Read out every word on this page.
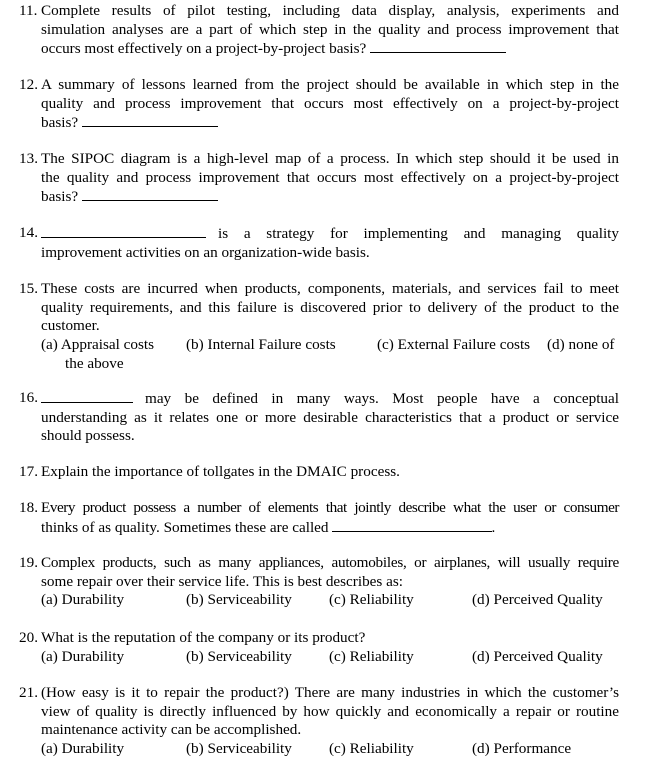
11. Complete results of pilot testing, including data display, analysis, experiments and
simulation analyses are a part of which step in the quality and process improvement that
occurs most effectively on a project-by-project basis?
12. A summary of lessons learned from the project should be available in which step in the
quality and process improvement that occurs most effectively on a project-by-project
basis?
13. The SIPOC diagram is a high-level map of a process. In which step should it be used in
the quality and process improvement that occurs most effectively on a project-by-project
basis?
14.	is a strategy for implementing and managing quality
improvement activities on an organization-wide basis.
15. These costs are incurred when products, components, materials, and services fail to meet
quality requirements, and this failure is discovered prior to delivery of the product to the
customer.
(a) Appraisal costs (b) Internal Failure costs	(c) External Failure costs (d) none of
the above
16.	may be defined in many ways. Most people have a conceptual
understanding as it relates one or more desirable characteristics that a product or service
should possess.
17. Explain the importance of tollgates in the DMAIC process.
18. Every product possess a number of elements that jointly describe what the user or consumer
thinks of as quality. Sometimes these are called	.
19. Complex products, such as many appliances, automobiles, or airplanes, will usually require
some repair over their service life. This is best describes as:
(a) Durability	(b) Serviceability (c) Reliability	(d) Perceived Quality
20. What is the reputation of the company or its product?
(a) Durability	(b) Serviceability (c) Reliability	(d) Perceived Quality
21. (How easy is it to repair the product?) There are many industries in which the customer’s
view of quality is directly influenced by how quickly and economically a repair or routine
maintenance activity can be accomplished.
(a) Durability	(b) Serviceability (c) Reliability	(d) Performance
